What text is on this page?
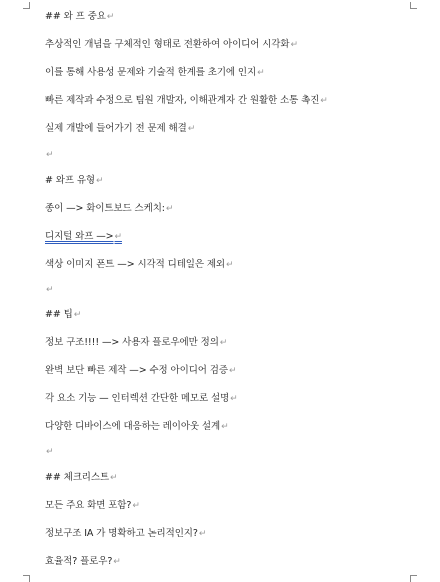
## 와 프 중요↵
추상적인 개념을 구체적인 형태로 전환하여 아이디어 시각화↵
이를 통해 사용성 문제와 기술적 한계를 초기에 인지↵
빠른 제작과 수정으로 팀원 개발자, 이해관계자 간 원활한 소통 촉진↵
실제 개발에 들어가기 전 문제 해결↵
↵
# 와프 유형↵
종이 —> 화이트보드 스케치:↵
디지털 와프 —>↵
색상 이미지 폰트 —> 시각적 디테일은 제외↵
↵
## 팁↵
정보 구조!!!! —> 사용자 플로우에만 정의↵
완벽 보단 빠른 제작 —> 수정 아이디어 검증↵
각 요소 기능 — 인터렉션 간단한 메모로 설명↵
다양한 디바이스에 대응하는 레이아웃 설계↵
↵
## 체크리스트↵
모든 주요 화면 포함?↵
정보구조 IA 가 명확하고 논리적인지?↵
효율적? 플로우?↵
